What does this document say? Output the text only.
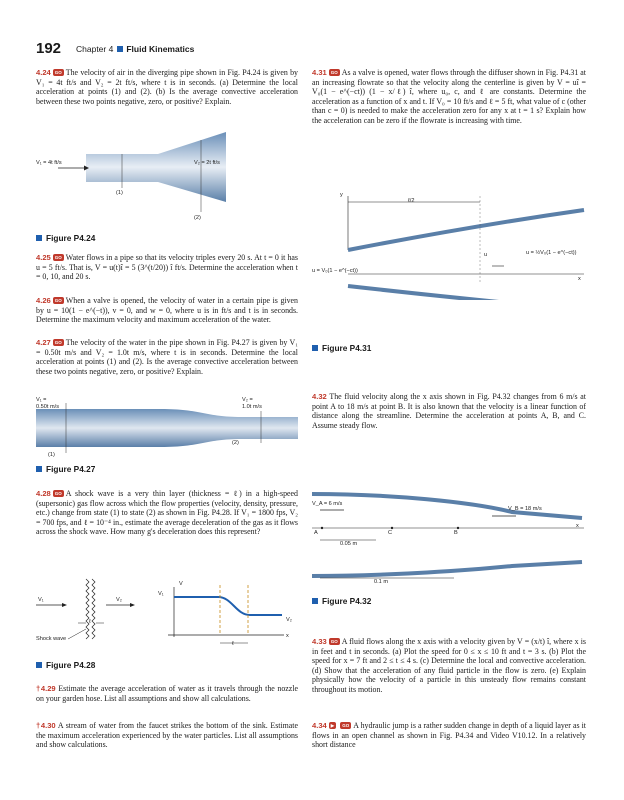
192 Chapter 4 Fluid Kinematics
4.24 GO The velocity of air in the diverging pipe shown in Fig. P4.24 is given by V₁ = 4t ft/s and V₂ = 2t ft/s, where t is in seconds. (a) Determine the local acceleration at points (1) and (2). (b) Is the average convective acceleration between these two points negative, zero, or positive? Explain.
V₁ = 4t ft/s	V₂ = 2t ft/s
(1)
(2)
Figure P4.24
4.25 GO Water flows in a pipe so that its velocity triples every 20 s. At t = 0 it has u = 5 ft/s. That is, V = u(t)î = 5 (3^(t/20)) î ft/s. Determine the acceleration when t = 0, 10, and 20 s.
4.26 GO When a valve is opened, the velocity of water in a certain pipe is given by u = 10(1 − e^(−t)), v = 0, and w = 0, where u is in ft/s and t is in seconds. Determine the maximum velocity and maximum acceleration of the water.
4.27 GO The velocity of the water in the pipe shown in Fig. P4.27 is given by V₁ = 0.50t m/s and V₂ = 1.0t m/s, where t is in seconds. Determine the local acceleration at points (1) and (2). Is the average convective acceleration between these two points negative, zero, or positive? Explain.
V₁ =
0.50t m/s
V₂ =
1.0t m/s
(2)
(1)
Figure P4.27
4.28 GO A shock wave is a very thin layer (thickness = ℓ) in a high-speed (supersonic) gas flow across which the flow properties (velocity, density, pressure, etc.) change from state (1) to state (2) as shown in Fig. P4.28. If V₁ = 1800 fps, V₂ = 700 fps, and ℓ = 10⁻⁴ in., estimate the average deceleration of the gas as it flows across the shock wave. How many g's deceleration does this represent?
V₁	V₂
ℓ
Shock wave
V
V₁
V₂
x
ℓ
Figure P4.28
†4.29 Estimate the average acceleration of water as it travels through the nozzle on your garden hose. List all assumptions and show all calculations.
†4.30 A stream of water from the faucet strikes the bottom of the sink. Estimate the maximum acceleration experienced by the water particles. List all assumptions and show calculations.
4.31 GO As a valve is opened, water flows through the diffuser shown in Fig. P4.31 at an increasing flowrate so that the velocity along the centerline is given by V = uî = V₀(1 − e^(−ct)) (1 − x/ℓ) î, where u₀, c, and ℓ are constants. Determine the acceleration as a function of x and t. If V₀ = 10 ft/s and ℓ = 5 ft, what value of c (other than c = 0) is needed to make the acceleration zero for any x at t = 1 s? Explain how the acceleration can be zero if the flowrate is increasing with time.
y
ℓ/2
u	u = ½V₀(1 − e^(−ct))
x
u = V₀(1 − e^(−ct))
Figure P4.31
4.32 The fluid velocity along the x axis shown in Fig. P4.32 changes from 6 m/s at point A to 18 m/s at point B. It is also known that the velocity is a linear function of distance along the streamline. Determine the acceleration at points A, B, and C. Assume steady flow.
V_A = 6 m/s
V_B = 18 m/s
A	C	B
x
0.05 m
0.1 m
Figure P4.32
4.33 GO A fluid flows along the x axis with a velocity given by V = (x/t) î, where x is in feet and t in seconds. (a) Plot the speed for 0 ≤ x ≤ 10 ft and t = 3 s. (b) Plot the speed for x = 7 ft and 2 ≤ t ≤ 4 s. (c) Determine the local and convective acceleration. (d) Show that the acceleration of any fluid particle in the flow is zero. (e) Explain physically how the velocity of a particle in this unsteady flow remains constant throughout its motion.
4.34 ▶ GO A hydraulic jump is a rather sudden change in depth of a liquid layer as it flows in an open channel as shown in Fig. P4.34 and Video V10.12. In a relatively short distance
